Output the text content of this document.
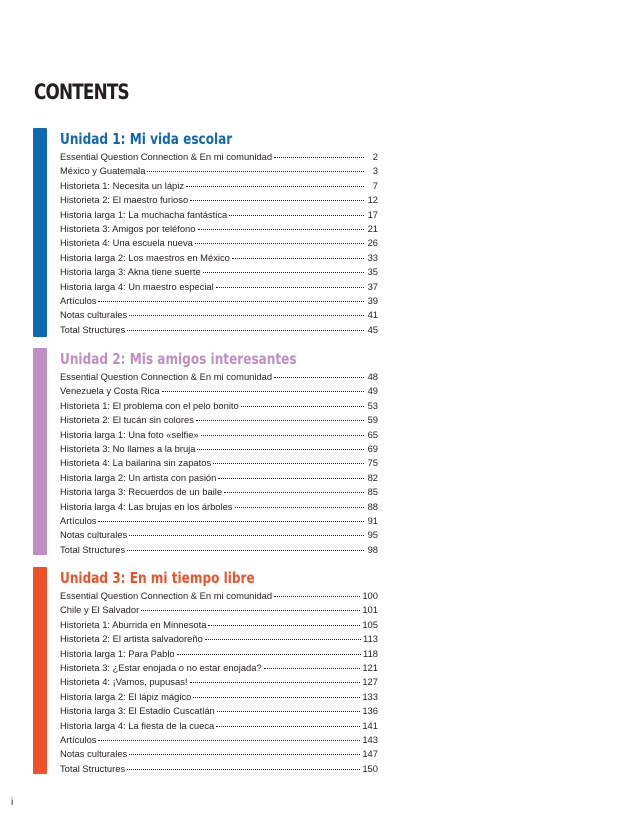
CONTENTS
Unidad 1: Mi vida escolar
Essential Question Connection & En mi comunidad	2
México y Guatemala	3
Historieta 1: Necesita un lápiz	7
Historieta 2: El maestro furioso	12
Historia larga 1: La muchacha fantástica	17
Historieta 3: Amigos por teléfono	21
Historieta 4: Una escuela nueva	26
Historia larga 2: Los maestros en México	33
Historia larga 3: Akna tiene suerte	35
Historia larga 4: Un maestro especial	37
Artículos	39
Notas culturales	41
Total Structures	45
Unidad 2: Mis amigos interesantes
Essential Question Connection & En mi comunidad	48
Venezuela y Costa Rica	49
Historieta 1: El problema con el pelo bonito	53
Historieta 2: El tucán sin colores	59
Historia larga 1: Una foto «selfie»	65
Historieta 3: No llames a la bruja	69
Historieta 4: La bailarina sin zapatos	75
Historia larga 2: Un artista con pasión	82
Historia larga 3: Recuerdos de un baile	85
Historia larga 4: Las brujas en los árboles	88
Artículos	91
Notas culturales	95
Total Structures	98
Unidad 3: En mi tiempo libre
Essential Question Connection & En mi comunidad	100
Chile y El Salvador	101
Historieta 1: Aburrida en Minnesota	105
Historieta 2: El artista salvadoreño	113
Historia larga 1: Para Pablo	118
Historieta 3: ¿Estar enojada o no estar enojada?	121
Historieta 4: ¡Vamos, pupusas!	127
Historia larga 2: El lápiz mágico	133
Historia larga 3: El Estadio Cuscatlán	136
Historia larga 4: La fiesta de la cueca	141
Artículos	143
Notas culturales	147
Total Structures	150
i
